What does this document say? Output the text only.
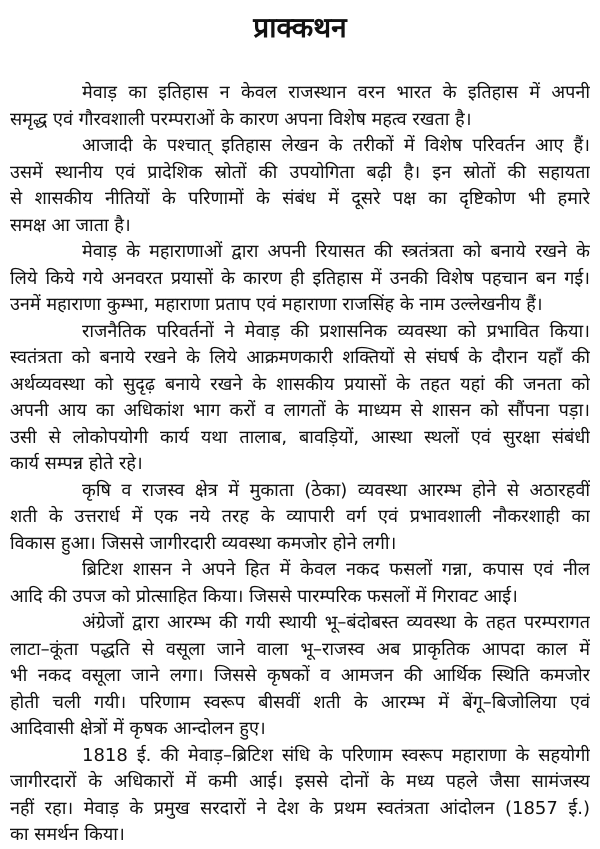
प्राक्कथन
मेवाड़ का इतिहास न केवल राजस्थान वरन भारत के इतिहास में अपनी
समृद्ध एवं गौरवशाली परम्पराओं के कारण अपना विशेष महत्व रखता है।
आजादी के पश्चात् इतिहास लेखन के तरीकों में विशेष परिवर्तन आए हैं।
उसमें स्थानीय एवं प्रादेशिक स्रोतों की उपयोगिता बढ़ी है। इन स्रोतों की सहायता
से शासकीय नीतियों के परिणामों के संबंध में दूसरे पक्ष का दृष्टिकोण भी हमारे
समक्ष आ जाता है।
मेवाड़ के महाराणाओं द्वारा अपनी रियासत की स्त्रतंत्रता को बनाये रखने के
लिये किये गये अनवरत प्रयासों के कारण ही इतिहास में उनकी विशेष पहचान बन गई।
उनमें महाराणा कुम्भा, महाराणा प्रताप एवं महाराणा राजसिंह के नाम उल्लेखनीय हैं।
राजनैतिक परिवर्तनों ने मेवाड़ की प्रशासनिक व्यवस्था को प्रभावित किया।
स्वतंत्रता को बनाये रखने के लिये आक्रमणकारी शक्तियों से संघर्ष के दौरान यहाँ की
अर्थव्यवस्था को सुदृढ़ बनाये रखने के शासकीय प्रयासों के तहत यहां की जनता को
अपनी आय का अधिकांश भाग करों व लागतों के माध्यम से शासन को सौंपना पड़ा।
उसी से लोकोपयोगी कार्य यथा तालाब, बावड़ियों, आस्था स्थलों एवं सुरक्षा संबंधी
कार्य सम्पन्न होते रहे।
कृषि व राजस्व क्षेत्र में मुकाता (ठेका) व्यवस्था आरम्भ होने से अठारहवीं
शती के उत्तरार्ध में एक नये तरह के व्यापारी वर्ग एवं प्रभावशाली नौकरशाही का
विकास हुआ। जिससे जागीरदारी व्यवस्था कमजोर होने लगी।
ब्रिटिश शासन ने अपने हित में केवल नकद फसलों गन्ना, कपास एवं नील
आदि की उपज को प्रोत्साहित किया। जिससे पारम्परिक फसलों में गिरावट आई।
अंग्रेजों द्वारा आरम्भ की गयी स्थायी भू–बंदोबस्त व्यवस्था के तहत परम्परागत
लाटा–कूंता पद्धति से वसूला जाने वाला भू–राजस्व अब प्राकृतिक आपदा काल में
भी नकद वसूला जाने लगा। जिससे कृषकों व आमजन की आर्थिक स्थिति कमजोर
होती चली गयी। परिणाम स्वरूप बीसवीं शती के आरम्भ में बेंगू–बिजोलिया एवं
आदिवासी क्षेत्रों में कृषक आन्दोलन हुए।
1818 ई. की मेवाड़–ब्रिटिश संधि के परिणाम स्वरूप महाराणा के सहयोगी
जागीरदारों के अधिकारों में कमी आई। इससे दोनों के मध्य पहले जैसा सामंजस्य
नहीं रहा। मेवाड़ के प्रमुख सरदारों ने देश के प्रथम स्वतंत्रता आंदोलन (1857 ई.)
का समर्थन किया।
